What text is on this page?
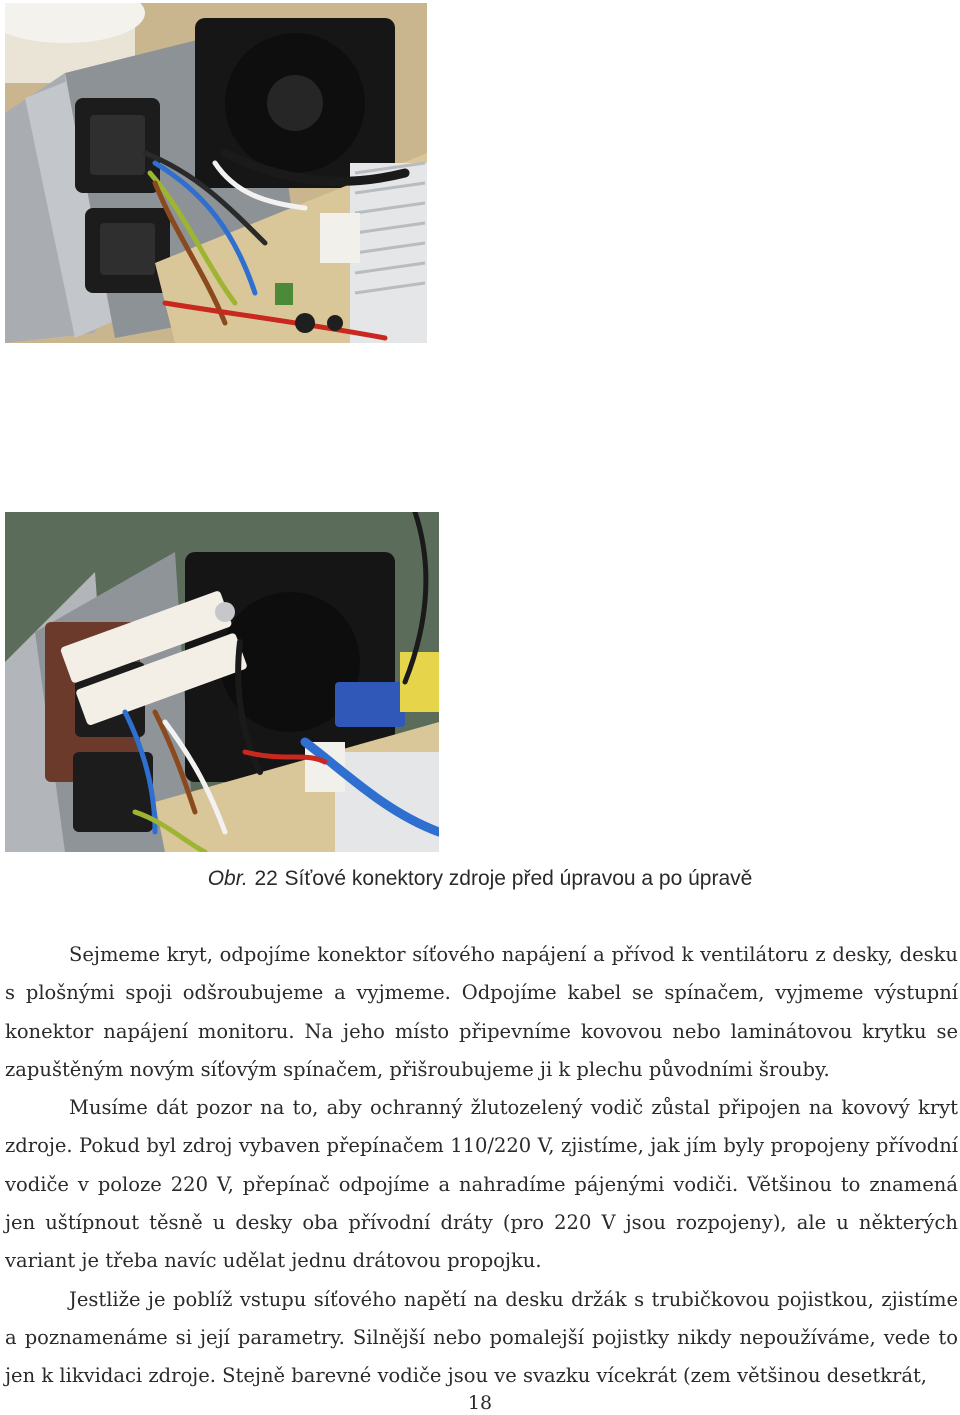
Obr. 22 Síťové konektory zdroje před úpravou a po úpravě

Sejmeme kryt, odpojíme konektor síťového napájení a přívod k ventilátoru z desky, desku s plošnými spoji odšroubujeme a vyjmeme. Odpojíme kabel se spínačem, vyjmeme výstupní konektor napájení monitoru. Na jeho místo připevníme kovovou nebo laminátovou krytku se zapuštěným novým síťovým spínačem, přišroubujeme ji k plechu původními šrouby.

Musíme dát pozor na to, aby ochranný žlutozelený vodič zůstal připojen na kovový kryt zdroje. Pokud byl zdroj vybaven přepínačem 110/220 V, zjistíme, jak jím byly propojeny přívodní vodiče v poloze 220 V, přepínač odpojíme a nahradíme pájenými vodiči. Většinou to znamená jen uštípnout těsně u desky oba přívodní dráty (pro 220 V jsou rozpojeny), ale u některých variant je třeba navíc udělat jednu drátovou propojku.

Jestliže je poblíž vstupu síťového napětí na desku držák s trubičkovou pojistkou, zjistíme a poznamenáme si její parametry. Silnější nebo pomalejší pojistky nikdy nepoužíváme, vede to jen k likvidaci zdroje. Stejně barevné vodiče jsou ve svazku vícekrát (zem většinou desetkrát,

18
